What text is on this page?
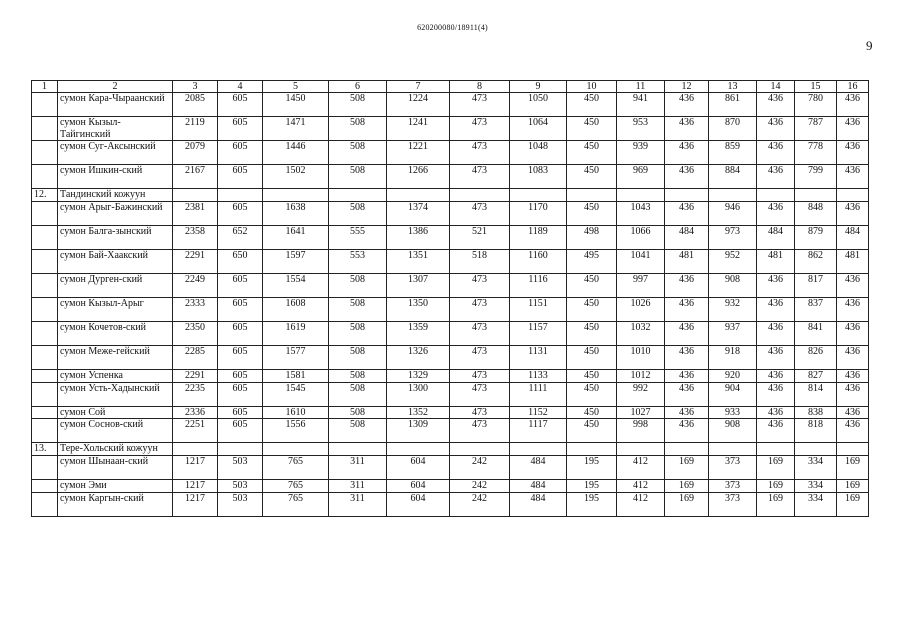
620200080/18911(4)
9
1	2	3	4	5	6	7	8	9	10	11	12	13	14	15	16
	сумон Кара-Чыраанский	2085	605	1450	508	1224	473	1050	450	941	436	861	436	780	436
	сумон Кызыл-Тайгинский	2119	605	1471	508	1241	473	1064	450	953	436	870	436	787	436
	сумон Суг-Аксынский	2079	605	1446	508	1221	473	1048	450	939	436	859	436	778	436
	сумон Ишкин-ский	2167	605	1502	508	1266	473	1083	450	969	436	884	436	799	436
12.	Тандинский кожуун														
	сумон Арыг-Бажинский	2381	605	1638	508	1374	473	1170	450	1043	436	946	436	848	436
	сумон Балга-зынский	2358	652	1641	555	1386	521	1189	498	1066	484	973	484	879	484
	сумон Бай-Хаакский	2291	650	1597	553	1351	518	1160	495	1041	481	952	481	862	481
	сумон Дурген-ский	2249	605	1554	508	1307	473	1116	450	997	436	908	436	817	436
	сумон Кызыл-Арыг	2333	605	1608	508	1350	473	1151	450	1026	436	932	436	837	436
	сумон Кочетов-ский	2350	605	1619	508	1359	473	1157	450	1032	436	937	436	841	436
	сумон Меже-гейский	2285	605	1577	508	1326	473	1131	450	1010	436	918	436	826	436
	сумон Успенка	2291	605	1581	508	1329	473	1133	450	1012	436	920	436	827	436
	сумон Усть-Хадынский	2235	605	1545	508	1300	473	1111	450	992	436	904	436	814	436
	сумон Сой	2336	605	1610	508	1352	473	1152	450	1027	436	933	436	838	436
	сумон Соснов-ский	2251	605	1556	508	1309	473	1117	450	998	436	908	436	818	436
13.	Тере-Хольский кожуун														
	сумон Шынаан-ский	1217	503	765	311	604	242	484	195	412	169	373	169	334	169
	сумон Эми	1217	503	765	311	604	242	484	195	412	169	373	169	334	169
	сумон Каргын-ский	1217	503	765	311	604	242	484	195	412	169	373	169	334	169
